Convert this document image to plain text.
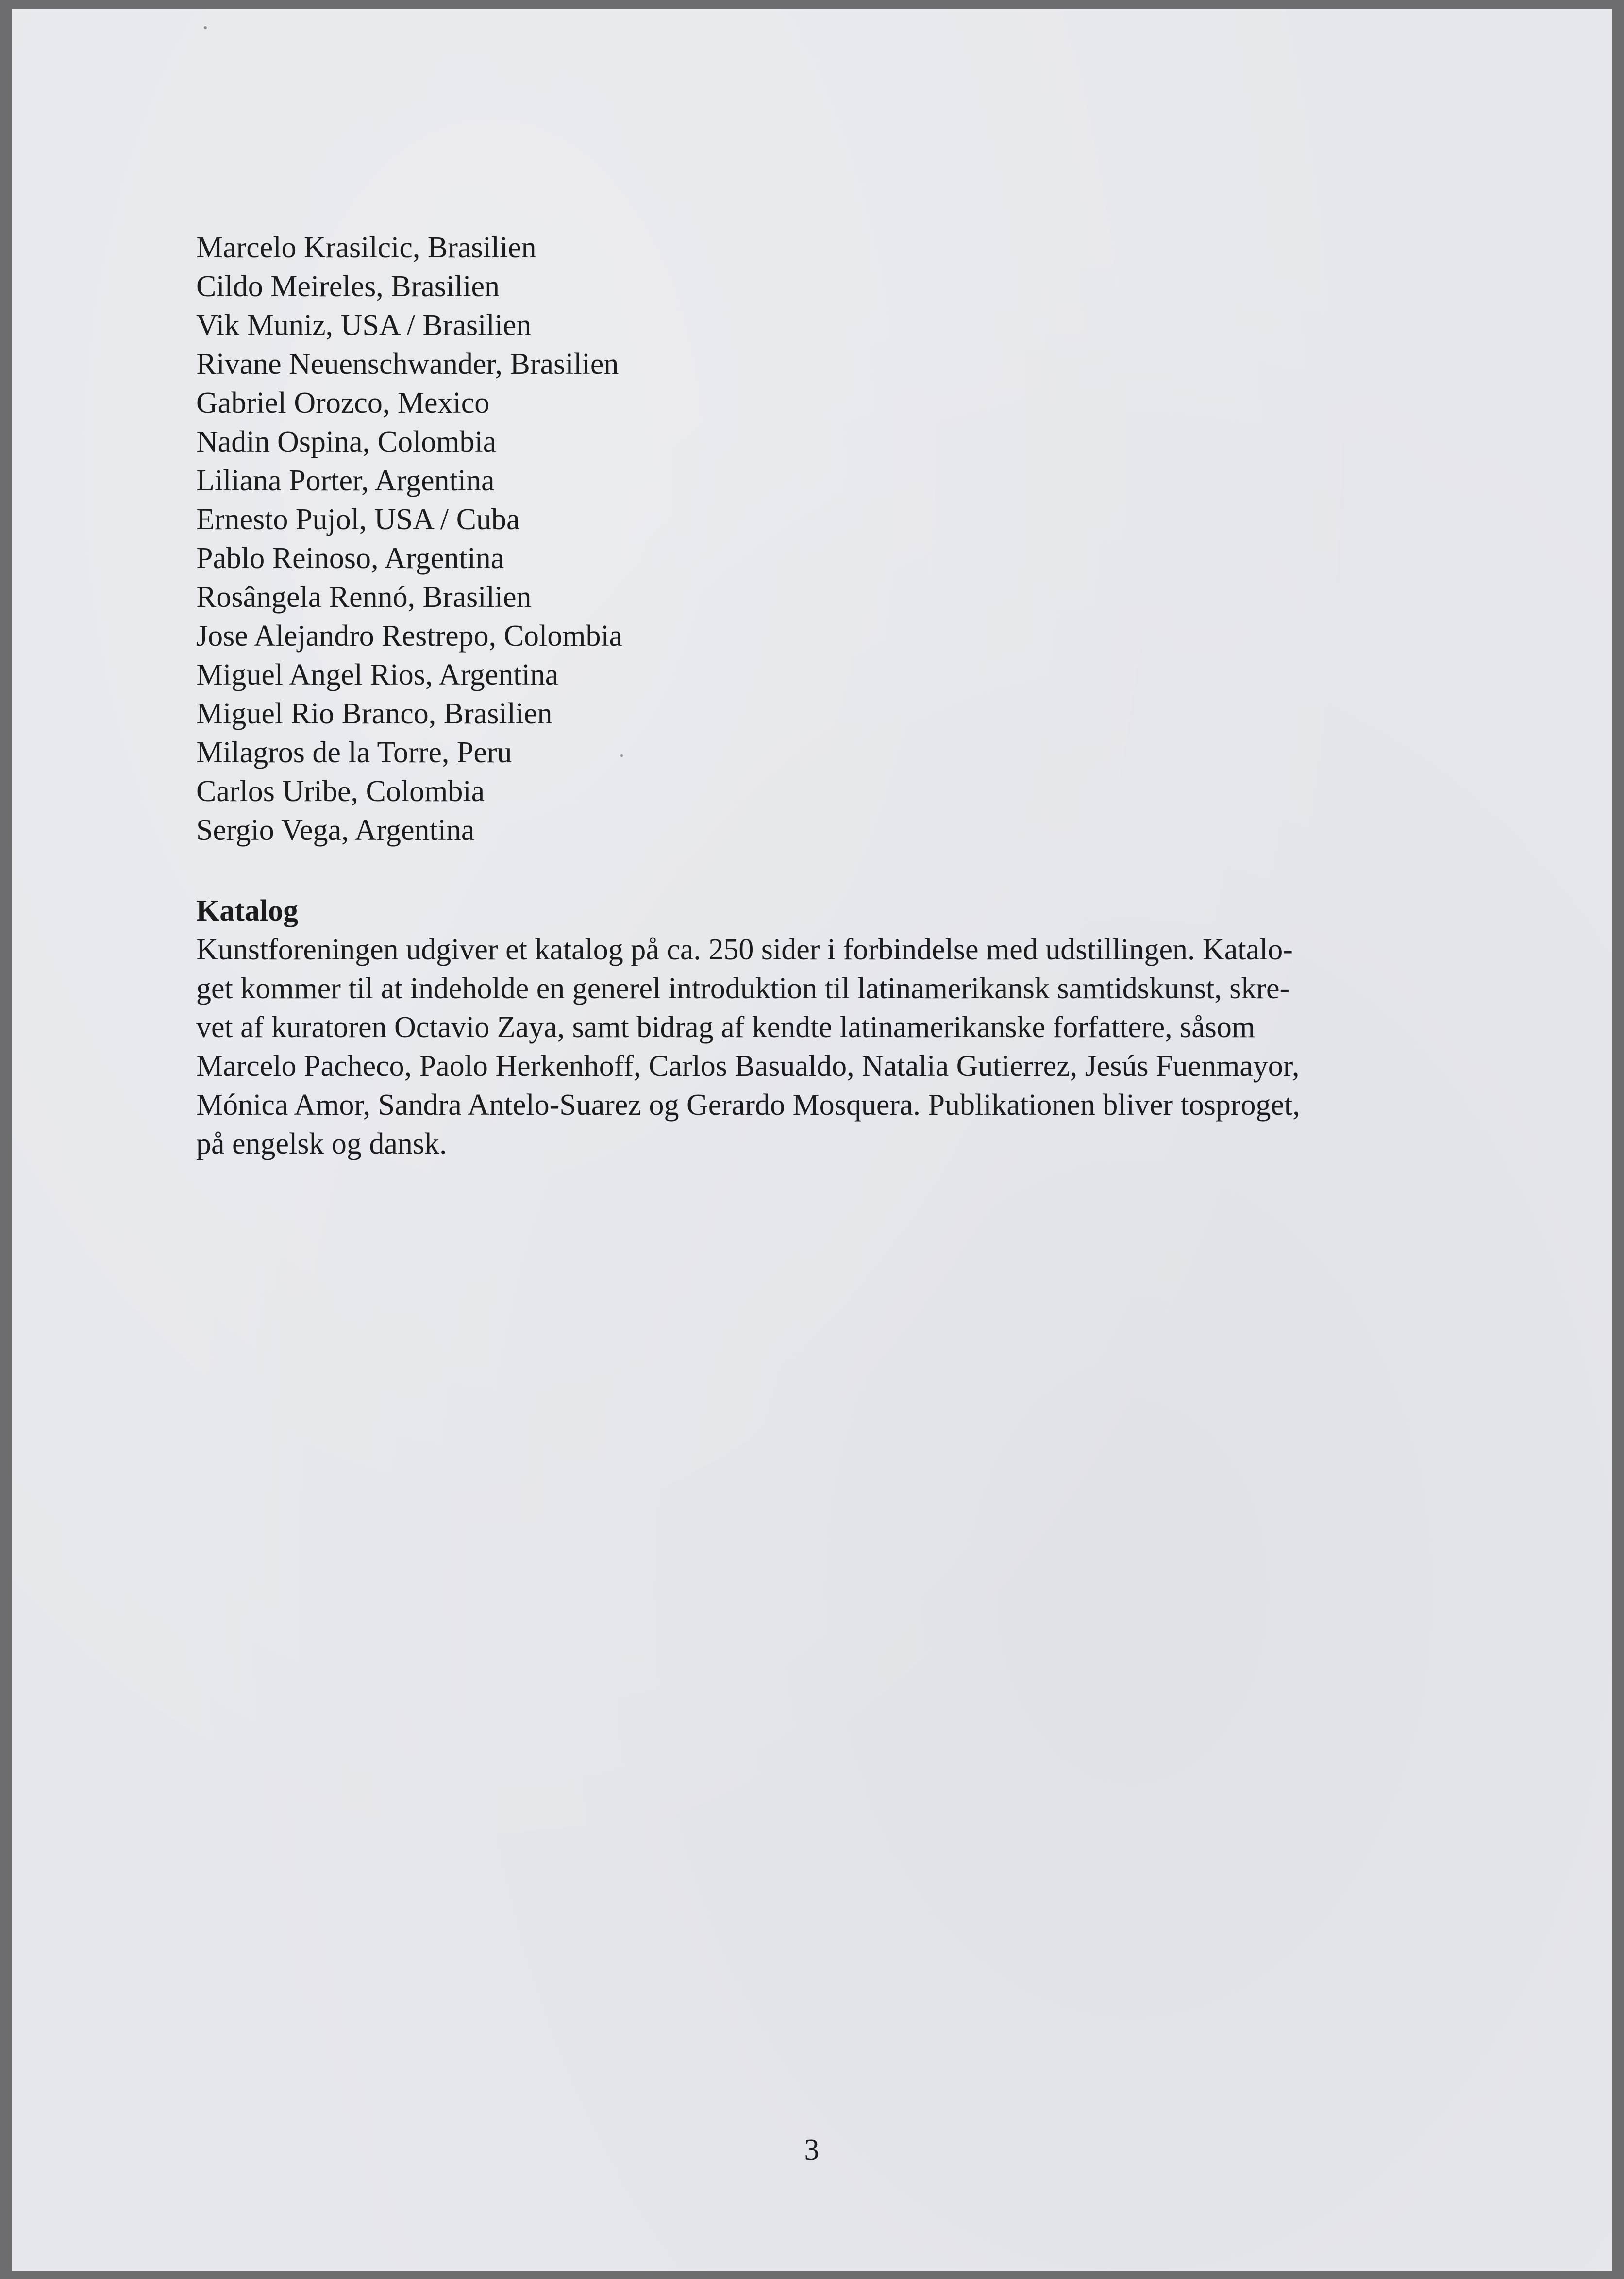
Marcelo Krasilcic, Brasilien
Cildo Meireles, Brasilien
Vik Muniz, USA / Brasilien
Rivane Neuenschwander, Brasilien
Gabriel Orozco, Mexico
Nadin Ospina, Colombia
Liliana Porter, Argentina
Ernesto Pujol, USA / Cuba
Pablo Reinoso, Argentina
Rosângela Rennó, Brasilien
Jose Alejandro Restrepo, Colombia
Miguel Angel Rios, Argentina
Miguel Rio Branco, Brasilien
Milagros de la Torre, Peru
Carlos Uribe, Colombia
Sergio Vega, Argentina
Katalog

Kunstforeningen udgiver et katalog på ca. 250 sider i forbindelse med udstillingen. Katalo-

get kommer til at indeholde en generel introduktion til latinamerikansk samtidskunst, skre-

vet af kuratoren Octavio Zaya, samt bidrag af kendte latinamerikanske forfattere, såsom

Marcelo Pacheco, Paolo Herkenhoff, Carlos Basualdo, Natalia Gutierrez, Jesús Fuenmayor,

Mónica Amor, Sandra Antelo-Suarez og Gerardo Mosquera. Publikationen bliver tosproget,

på engelsk og dansk.

3
